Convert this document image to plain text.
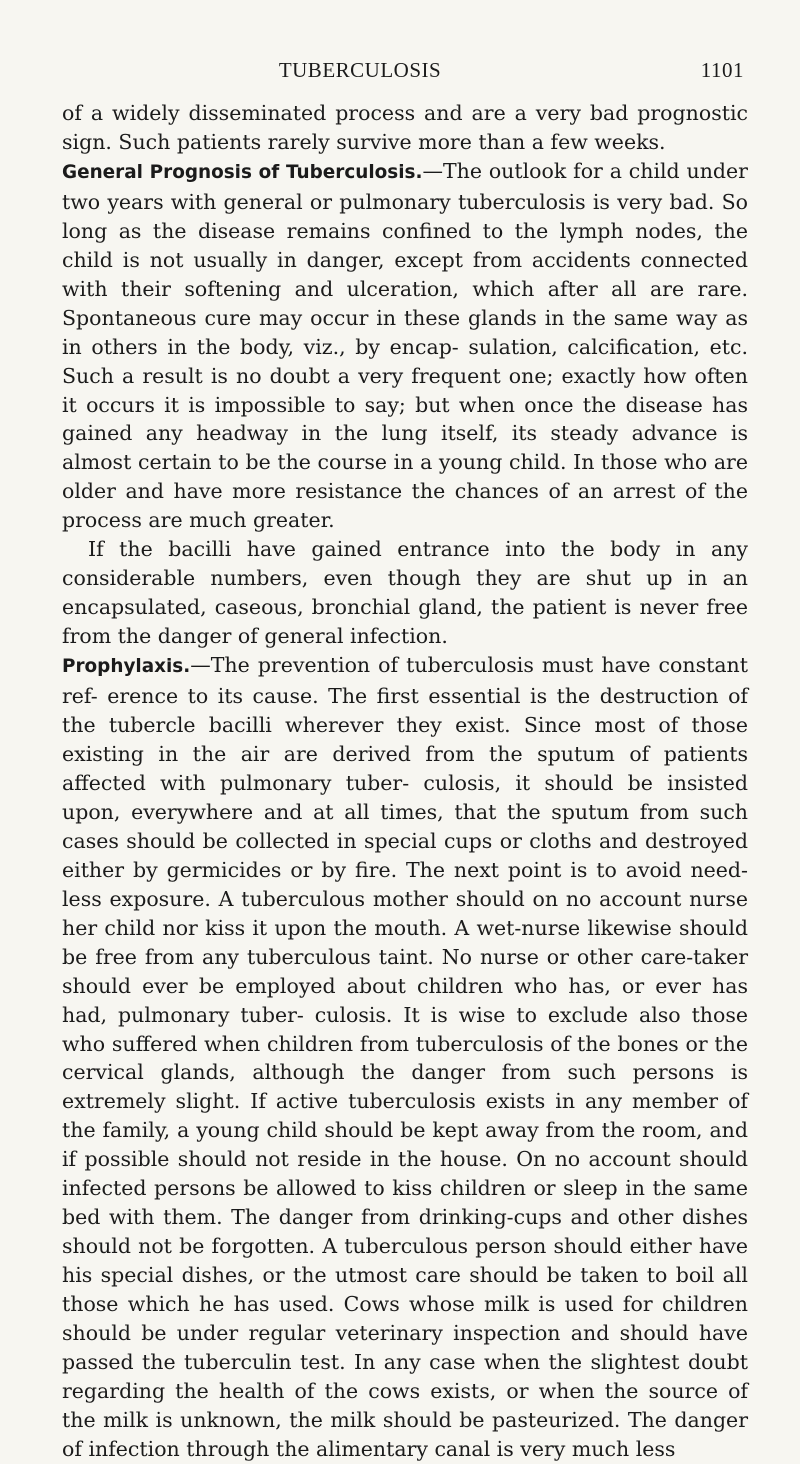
TUBERCULOSIS	1101

of a widely disseminated process and are a very bad prognostic sign. Such patients rarely survive more than a few weeks.

General Prognosis of Tuberculosis.—The outlook for a child under two years with general or pulmonary tuberculosis is very bad. So long as the disease remains confined to the lymph nodes, the child is not usually in danger, except from accidents connected with their softening and ulceration, which after all are rare. Spontaneous cure may occur in these glands in the same way as in others in the body, viz., by encap- sulation, calcification, etc. Such a result is no doubt a very frequent one; exactly how often it occurs it is impossible to say; but when once the disease has gained any headway in the lung itself, its steady advance is almost certain to be the course in a young child. In those who are older and have more resistance the chances of an arrest of the process are much greater.

If the bacilli have gained entrance into the body in any considerable numbers, even though they are shut up in an encapsulated, caseous, bronchial gland, the patient is never free from the danger of general infection.

Prophylaxis.—The prevention of tuberculosis must have constant ref- erence to its cause. The first essential is the destruction of the tubercle bacilli wherever they exist. Since most of those existing in the air are derived from the sputum of patients affected with pulmonary tuber- culosis, it should be insisted upon, everywhere and at all times, that the sputum from such cases should be collected in special cups or cloths and destroyed either by germicides or by fire. The next point is to avoid need- less exposure. A tuberculous mother should on no account nurse her child nor kiss it upon the mouth. A wet-nurse likewise should be free from any tuberculous taint. No nurse or other care-taker should ever be employed about children who has, or ever has had, pulmonary tuber- culosis. It is wise to exclude also those who suffered when children from tuberculosis of the bones or the cervical glands, although the danger from such persons is extremely slight. If active tuberculosis exists in any member of the family, a young child should be kept away from the room, and if possible should not reside in the house. On no account should infected persons be allowed to kiss children or sleep in the same bed with them. The danger from drinking-cups and other dishes should not be forgotten. A tuberculous person should either have his special dishes, or the utmost care should be taken to boil all those which he has used. Cows whose milk is used for children should be under regular veterinary inspection and should have passed the tuberculin test. In any case when the slightest doubt regarding the health of the cows exists, or when the source of the milk is unknown, the milk should be pasteurized. The danger of infection through the alimentary canal is very much less
